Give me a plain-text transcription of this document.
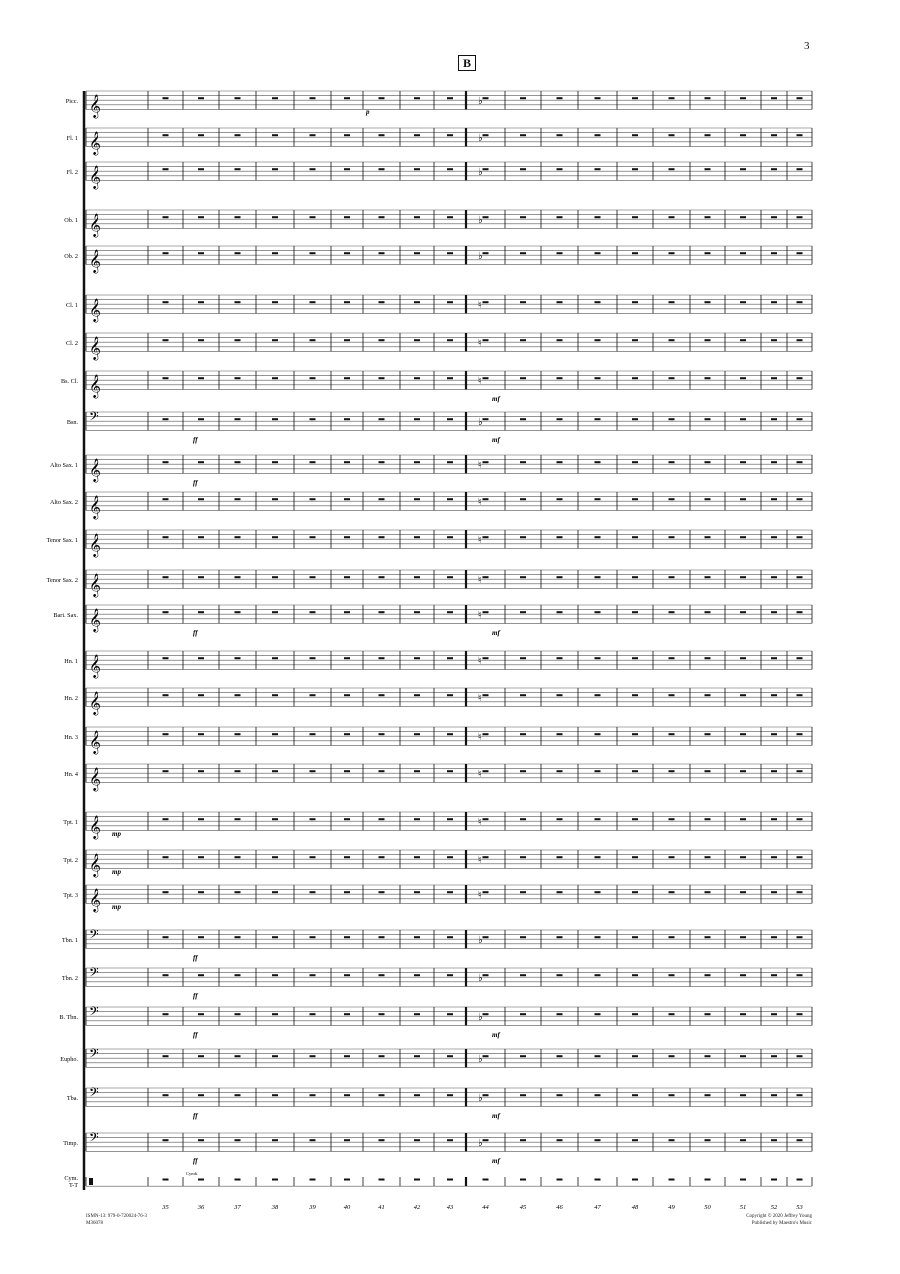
3
B
Picc. 𝄞	♭
Fl. 1 𝄞	♭
Fl. 2 𝄞	♭
Ob. 1 𝄞	♭
Ob. 2 𝄞	♭
Cl. 1 𝄞	♮
Cl. 2 𝄞	♮
Bs. Cl. 𝄞	♮
Bsn. 𝄢	♭
Alto Sax. 1 𝄞	♮
Alto Sax. 2 𝄞	♮
Tenor Sax. 1 𝄞	♮
Tenor Sax. 2 𝄞	♮
Bari. Sax. 𝄞	♮
Hn. 1 𝄞	♮
Hn. 2 𝄞	♮
Hn. 3 𝄞	♮
Hn. 4 𝄞	♮
Tpt. 1 𝄞	♮
Tpt. 2 𝄞	♮
Tpt. 3 𝄞	♮
Tbn. 1 𝄢	♭
Tbn. 2 𝄢	♭
B. Tbn. 𝄢	♭
Eupho. 𝄢	♭
Tba. 𝄢	♭
Timp. 𝄢	♭
Cym.
T-T
35	36	37	38	39	40	41	42	43	44	45	46	47	48	49	50	51	52	53
p
ff
ff
ff
ff
ff
ff
ff
ff
mf
mf
mf
mf
mf
mf
mp
mp
mp
Cymb.
ISMN-13: 979-0-720024-76-3
M36078
Copyright © 2020 Jeffrey Young
Published by Maestro's Music
